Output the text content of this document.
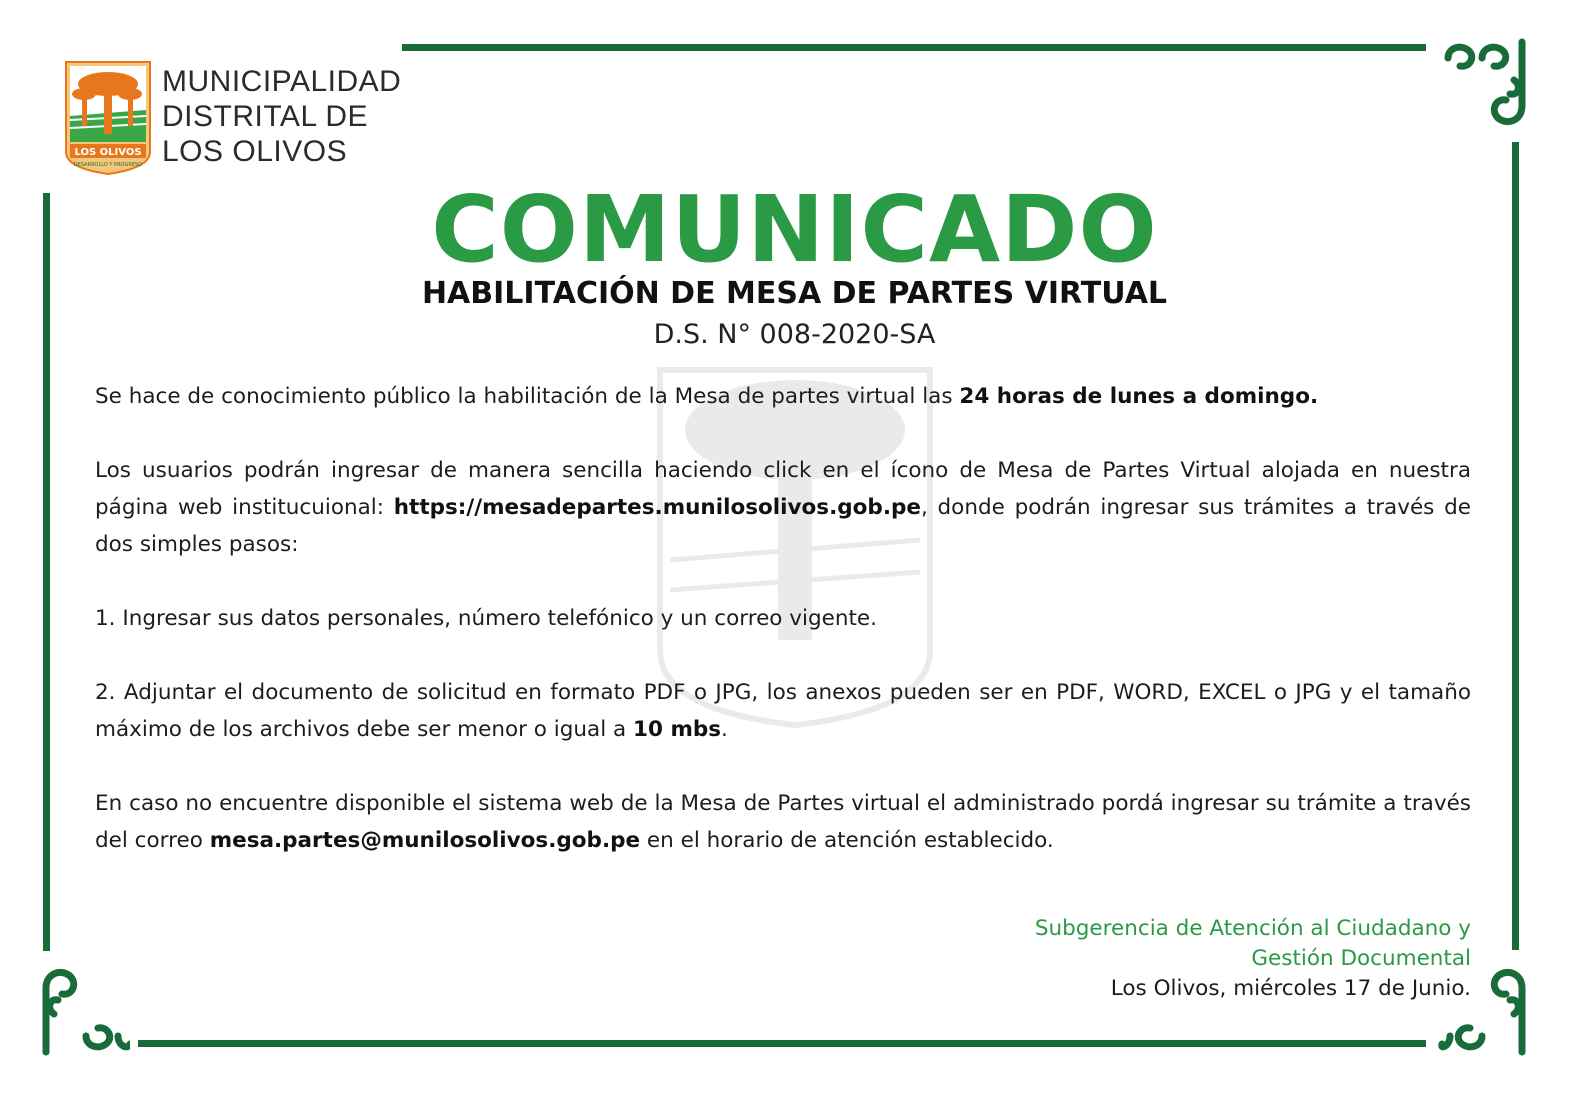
LOS OLIVOS
DESARROLLO Y PROGRESO
MUNICIPALIDAD
DISTRITAL DE
LOS OLIVOS
COMUNICADO
HABILITACIÓN DE MESA DE PARTES VIRTUAL
D.S. N° 008-2020-SA

Se hace de conocimiento público la habilitación de la Mesa de partes virtual las 24 horas de lunes a domingo.

Los usuarios podrán ingresar de manera sencilla haciendo click en el ícono de Mesa de Partes Virtual alojada en nuestra página web institucuional: https://mesadepartes.munilosolivos.gob.pe, donde podrán ingresar sus trámites a través de dos simples pasos:

1. Ingresar sus datos personales, número telefónico y un correo vigente.

2. Adjuntar el documento de solicitud en formato PDF o JPG, los anexos pueden ser en PDF, WORD, EXCEL o JPG y el tamaño máximo de los archivos debe ser menor o igual a 10 mbs.

En caso no encuentre disponible el sistema web de la Mesa de Partes virtual el administrado pordá ingresar su trámite a través del correo mesa.partes@munilosolivos.gob.pe en el horario de atención establecido.

Subgerencia de Atención al Ciudadano y
Gestión Documental
Los Olivos, miércoles 17 de Junio.
